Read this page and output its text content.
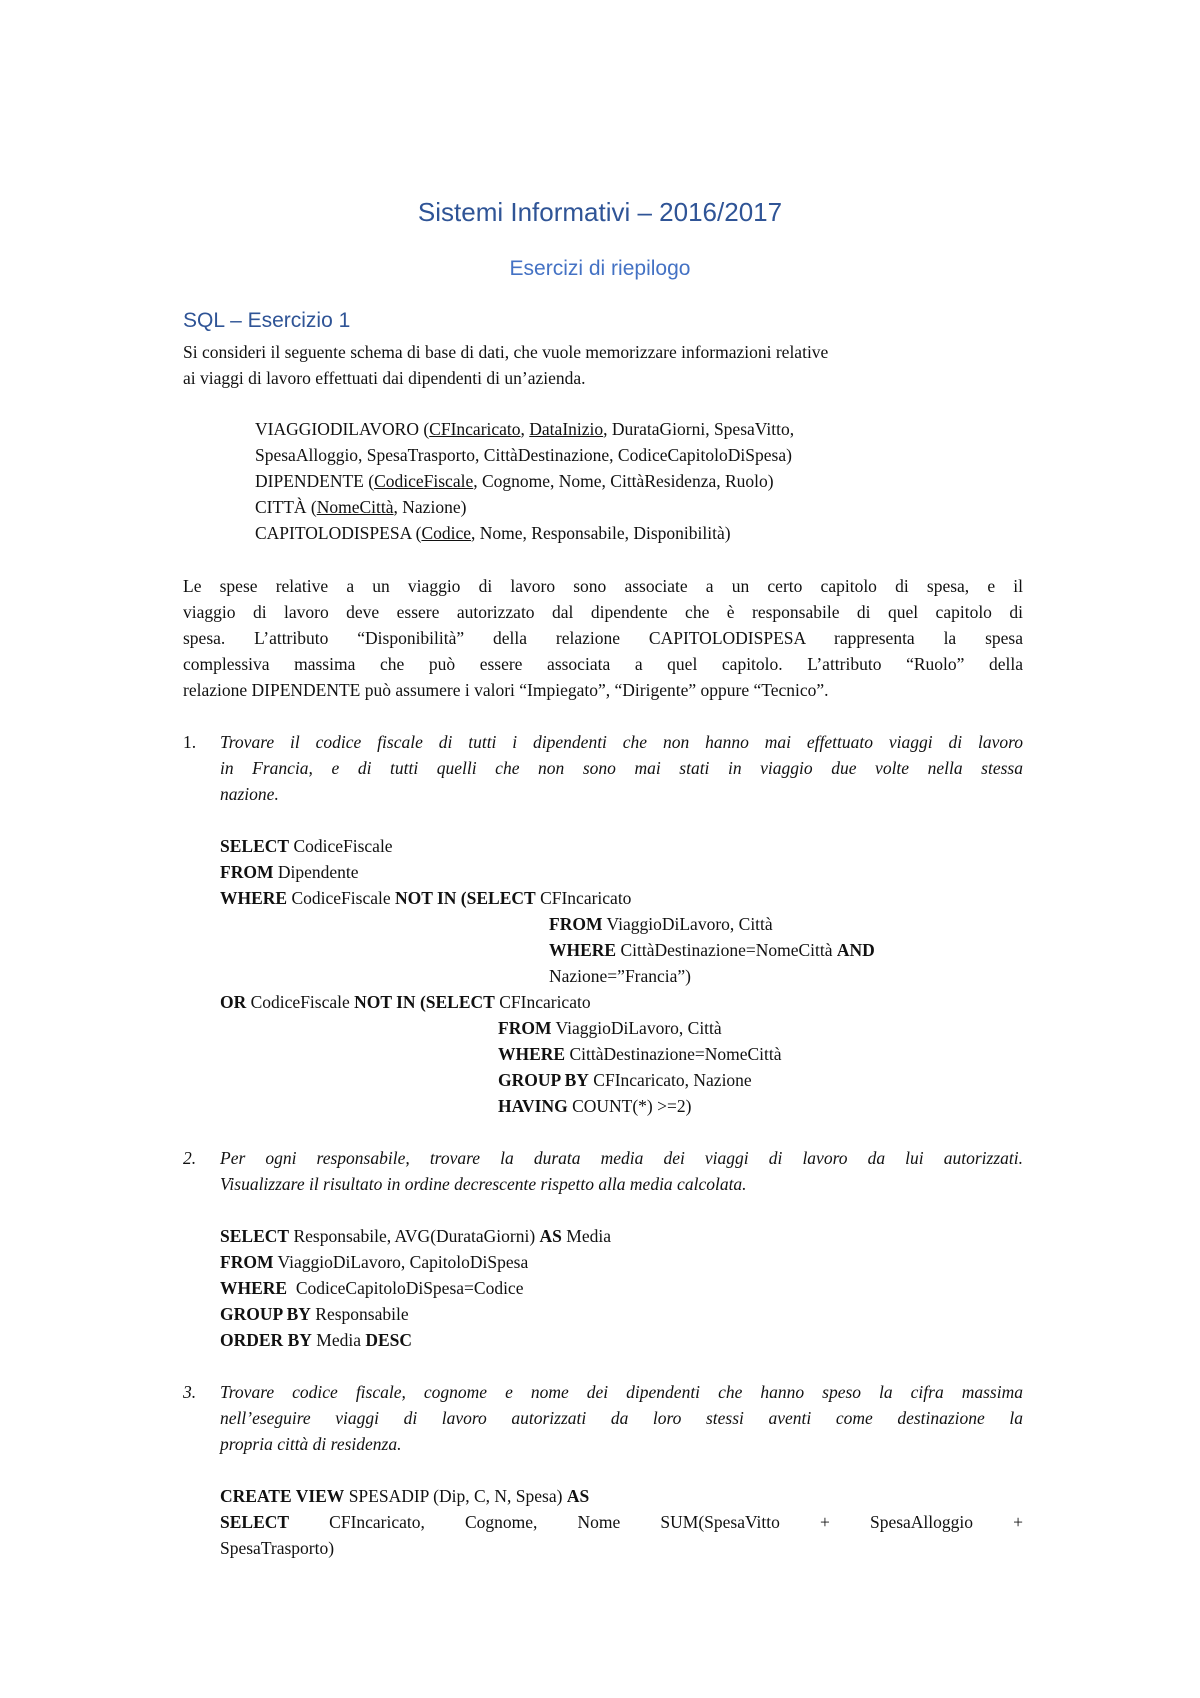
Sistemi Informativi – 2016/2017
Esercizi di riepilogo
SQL – Esercizio 1
Si consideri il seguente schema di base di dati, che vuole memorizzare informazioni relative
ai viaggi di lavoro effettuati dai dipendenti di un’azienda.
VIAGGIODILAVORO (CFIncaricato, DataInizio, DurataGiorni, SpesaVitto,
SpesaAlloggio, SpesaTrasporto, CittàDestinazione, CodiceCapitoloDiSpesa)
DIPENDENTE (CodiceFiscale, Cognome, Nome, CittàResidenza, Ruolo)
CITTÀ (NomeCittà, Nazione)
CAPITOLODISPESA (Codice, Nome, Responsabile, Disponibilità)
Le spese relative a un viaggio di lavoro sono associate a un certo capitolo di spesa, e il
viaggio di lavoro deve essere autorizzato dal dipendente che è responsabile di quel capitolo di
spesa. L’attributo “Disponibilità” della relazione CAPITOLODISPESA rappresenta la spesa
complessiva massima che può essere associata a quel capitolo. L’attributo “Ruolo” della
relazione DIPENDENTE può assumere i valori “Impiegato”, “Dirigente” oppure “Tecnico”.
1. Trovare il codice fiscale di tutti i dipendenti che non hanno mai effettuato viaggi di lavoro
in Francia, e di tutti quelli che non sono mai stati in viaggio due volte nella stessa
nazione.
SELECT CodiceFiscale
FROM Dipendente
WHERE CodiceFiscale NOT IN (SELECT CFIncaricato
FROM ViaggioDiLavoro, Città
WHERE CittàDestinazione=NomeCittà AND
Nazione=”Francia”)
OR CodiceFiscale NOT IN (SELECT CFIncaricato
FROM ViaggioDiLavoro, Città
WHERE CittàDestinazione=NomeCittà
GROUP BY CFIncaricato, Nazione
HAVING COUNT(*) >=2)
2. Per ogni responsabile, trovare la durata media dei viaggi di lavoro da lui autorizzati.
Visualizzare il risultato in ordine decrescente rispetto alla media calcolata.
SELECT Responsabile, AVG(DurataGiorni) AS Media
FROM ViaggioDiLavoro, CapitoloDiSpesa
WHERE  CodiceCapitoloDiSpesa=Codice
GROUP BY Responsabile
ORDER BY Media DESC
3. Trovare codice fiscale, cognome e nome dei dipendenti che hanno speso la cifra massima
nell’eseguire viaggi di lavoro autorizzati da loro stessi aventi come destinazione la
propria città di residenza.
CREATE VIEW SPESADIP (Dip, C, N, Spesa) AS
SELECT CFIncaricato, Cognome, Nome SUM(SpesaVitto + SpesaAlloggio +
SpesaTrasporto)
